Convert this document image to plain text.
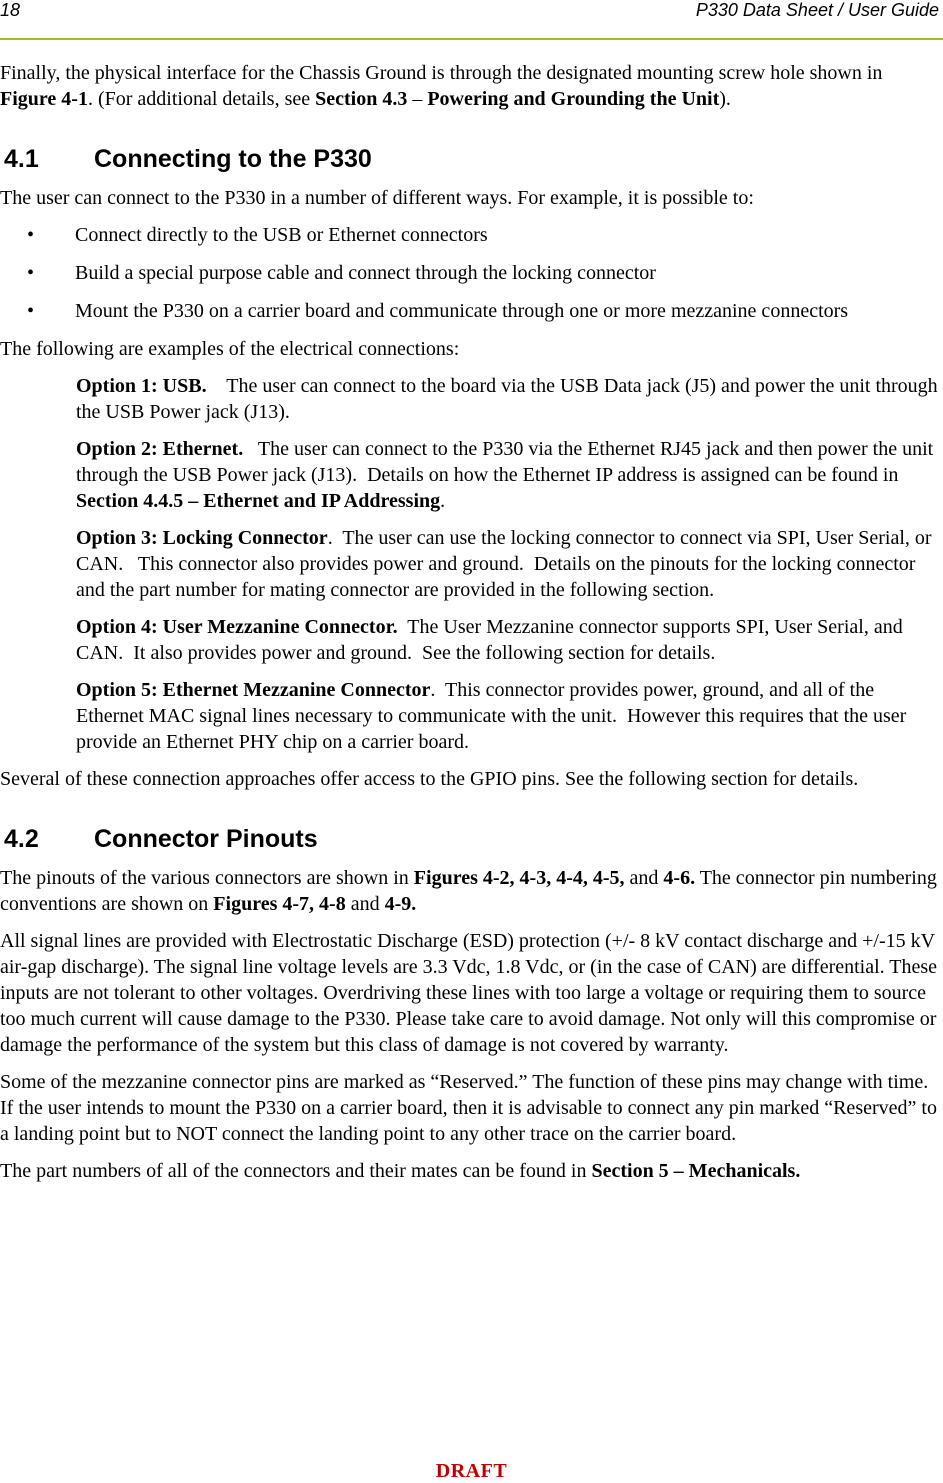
18	P330 Data Sheet / User Guide

Finally, the physical interface for the Chassis Ground is through the designated mounting screw hole shown in Figure 4-1. (For additional details, see Section 4.3 – Powering and Grounding the Unit).

4.1	Connecting to the P330

The user can connect to the P330 in a number of different ways. For example, it is possible to:

• Connect directly to the USB or Ethernet connectors
• Build a special purpose cable and connect through the locking connector
• Mount the P330 on a carrier board and communicate through one or more mezzanine connectors

The following are examples of the electrical connections:

Option 1: USB.    The user can connect to the board via the USB Data jack (J5) and power the unit through the USB Power jack (J13).

Option 2: Ethernet.   The user can connect to the P330 via the Ethernet RJ45 jack and then power the unit through the USB Power jack (J13).  Details on how the Ethernet IP address is assigned can be found in Section 4.4.5 – Ethernet and IP Addressing.

Option 3: Locking Connector.  The user can use the locking connector to connect via SPI, User Serial, or CAN.   This connector also provides power and ground.  Details on the pinouts for the locking connector and the part number for mating connector are provided in the following section.

Option 4: User Mezzanine Connector.  The User Mezzanine connector supports SPI, User Serial, and CAN.  It also provides power and ground.  See the following section for details.

Option 5: Ethernet Mezzanine Connector.  This connector provides power, ground, and all of the Ethernet MAC signal lines necessary to communicate with the unit.  However this requires that the user provide an Ethernet PHY chip on a carrier board.

Several of these connection approaches offer access to the GPIO pins. See the following section for details.

4.2	Connector Pinouts

The pinouts of the various connectors are shown in Figures 4-2, 4-3, 4-4, 4-5, and 4-6. The connector pin numbering conventions are shown on Figures 4-7, 4-8 and 4-9.

All signal lines are provided with Electrostatic Discharge (ESD) protection (+/- 8 kV contact discharge and +/-15 kV air-gap discharge). The signal line voltage levels are 3.3 Vdc, 1.8 Vdc, or (in the case of CAN) are differential. These inputs are not tolerant to other voltages. Overdriving these lines with too large a voltage or requiring them to source too much current will cause damage to the P330. Please take care to avoid damage. Not only will this compromise or damage the performance of the system but this class of damage is not covered by warranty.

Some of the mezzanine connector pins are marked as “Reserved.” The function of these pins may change with time. If the user intends to mount the P330 on a carrier board, then it is advisable to connect any pin marked “Reserved” to a landing point but to NOT connect the landing point to any other trace on the carrier board.

The part numbers of all of the connectors and their mates can be found in Section 5 – Mechanicals.

DRAFT
